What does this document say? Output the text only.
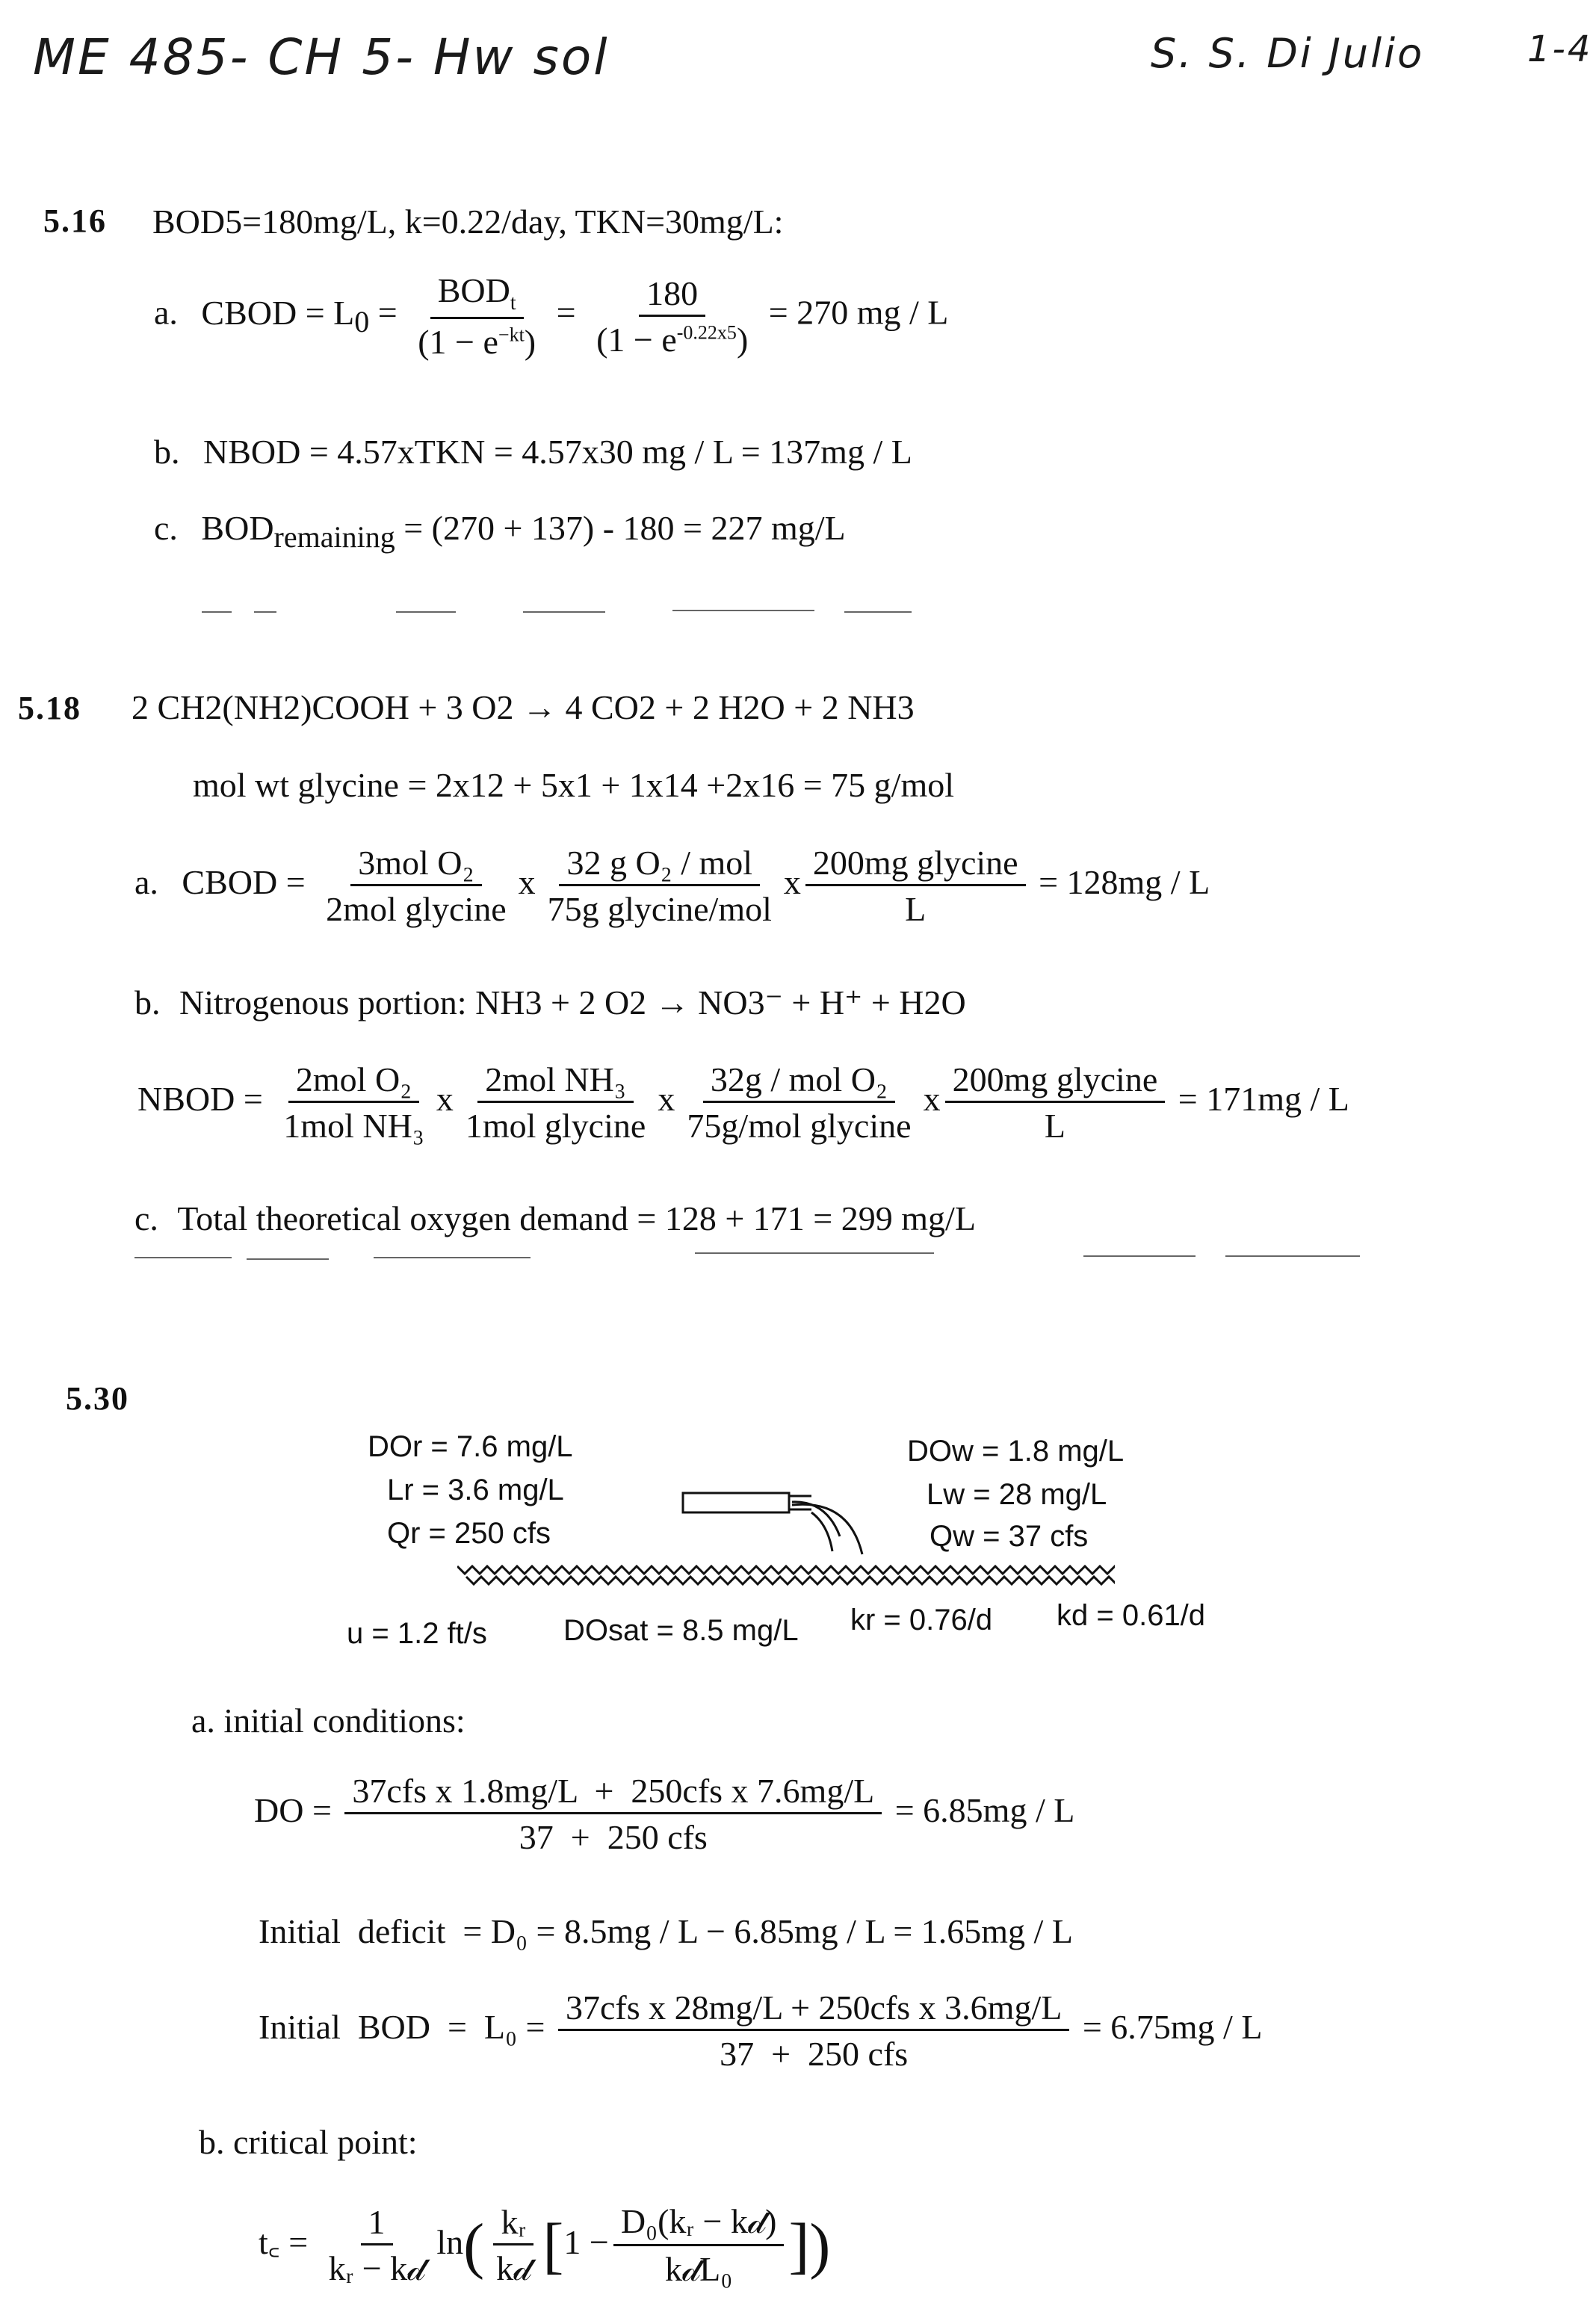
ME 485- CH 5- Hw sol	S. S. Di Julio	1-4
5.16 BOD5=180mg/L, k=0.22/day, TKN=30mg/L:
a. CBOD = $L_0 = \frac{BOD_t}{(1 - e^{-kt})} = \frac{180}{(1 - e^{-0.22x5})} = 270$ mg / L
b. NBOD = 4.57xTKN = 4.57x30 mg / L = 137mg / L
c. $BOD_{remaining} = (270 + 137) - 180 = 227$ mg/L
5.18 2 CH2(NH2)COOH + 3 O2 → 4 CO2 + 2 H2O + 2 NH3
mol wt glycine = 2x12 + 5x1 + 1x14 +2x16 = 75 g/mol
a. CBOD = $\frac{\text{3mol O₂}}{\text{2mol glycine}}$ x $\frac{\text{32 g O₂ / mol}}{\text{75g glycine/mol}}$ x $\frac{\text{200mg glycine}}{L} = 128mg / L$
b. Nitrogenous portion: NH3 + 2 O2 → NO3⁻ + H⁺ + H2O
NBOD = $\frac{\text{2mol O₂}}{\text{1mol NH₃}}$ x $\frac{\text{2mol NH₃}}{\text{1mol glycine}}$ x $\frac{\text{32g / mol O₂}}{\text{75g/mol glycine}}$ x $\frac{\text{200mg glycine}}{L} = 171mg / L$
c. Total theoretical oxygen demand = 128 + 171 = 299 mg/L
5.30
DOr = 7.6 mg/L
Lr = 3.6 mg/L
Qr = 250 cfs
DOw = 1.8 mg/L
Lw = 28 mg/L
Qw = 37 cfs
u = 1.2 ft/s	DOsat = 8.5 mg/L kr = 0.76/d kd = 0.61/d
a. initial conditions:
DO = $\frac{\text{37cfs x 1.8mg/L  +  250cfs x 7.6mg/L}}{\text{37  +  250 cfs}} = 6.85mg / L$
Initial  deficit  = D₀ = 8.5mg / L − 6.85mg / L = 1.65mg / L
Initial  BOD  =  $L_0 = \frac{\text{37cfs x 28mg/L + 250cfs x 3.6mg/L}}{\text{37  +  250 cfs}} = 6.75mg / L$
b. critical point:
t꜀ = $\frac{1}{\text{kᵣ − k𝒹}} \ln( \frac{\text{kᵣ}}{\text{k𝒹}} [1 - \frac{\text{D₀(kᵣ − k𝒹)}}{\text{k𝒹L₀}}$ ])
